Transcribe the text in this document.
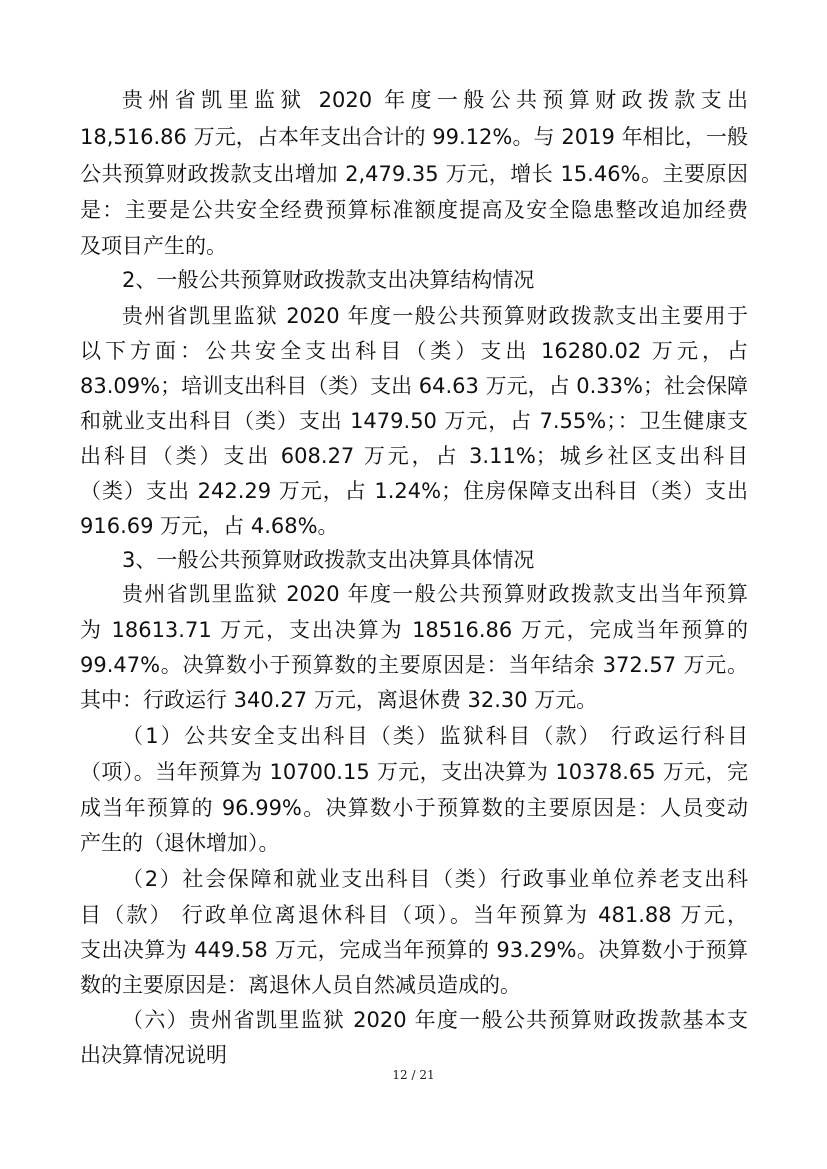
贵州省凯里监狱 2020 年度一般公共预算财政拨款支出
18,516.86 万元，占本年支出合计的 99.12%。与 2019 年相比，一般
公共预算财政拨款支出增加 2,479.35 万元，增长 15.46%。主要原因
是：主要是公共安全经费预算标准额度提高及安全隐患整改追加经费
及项目产生的。
2、一般公共预算财政拨款支出决算结构情况
贵州省凯里监狱 2020 年度一般公共预算财政拨款支出主要用于
以下方面：公共安全支出科目（类）支出 16280.02 万元，占
83.09%；培训支出科目（类）支出 64.63 万元，占 0.33%；社会保障
和就业支出科目（类）支出 1479.50 万元，占 7.55%；：卫生健康支
出科目（类）支出 608.27 万元，占 3.11%；城乡社区支出科目
（类）支出 242.29 万元，占 1.24%；住房保障支出科目（类）支出
916.69 万元，占 4.68%。
3、一般公共预算财政拨款支出决算具体情况
贵州省凯里监狱 2020 年度一般公共预算财政拨款支出当年预算
为 18613.71 万元，支出决算为 18516.86 万元，完成当年预算的
99.47%。决算数小于预算数的主要原因是：当年结余 372.57 万元。
其中：行政运行 340.27 万元，离退休费 32.30 万元。
（1）公共安全支出科目（类）监狱科目（款） 行政运行科目
（项）。当年预算为 10700.15 万元，支出决算为 10378.65 万元，完
成当年预算的 96.99%。决算数小于预算数的主要原因是：人员变动
产生的（退休增加）。
（2）社会保障和就业支出科目（类）行政事业单位养老支出科
目（款） 行政单位离退休科目（项）。当年预算为 481.88 万元，
支出决算为 449.58 万元，完成当年预算的 93.29%。决算数小于预算
数的主要原因是：离退休人员自然减员造成的。
（六）贵州省凯里监狱 2020 年度一般公共预算财政拨款基本支
出决算情况说明
12 / 21
